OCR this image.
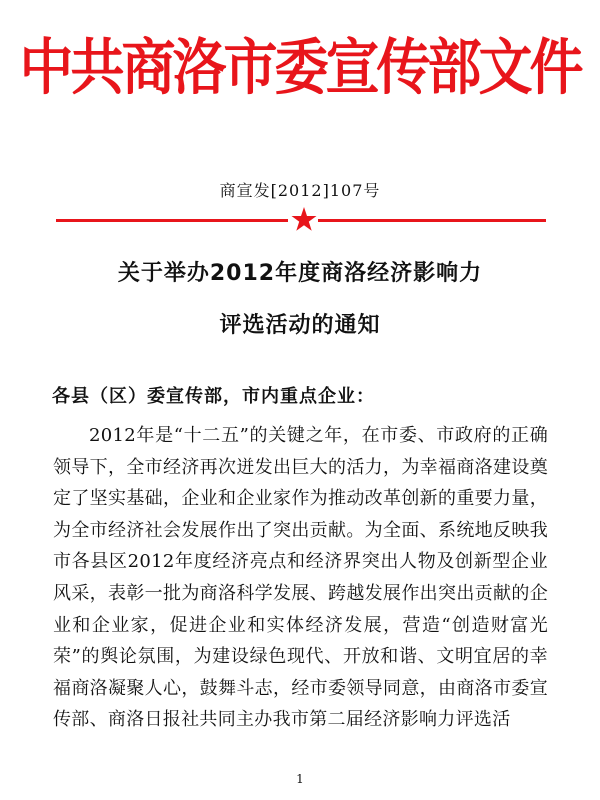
中共商洛市委宣传部文件
商宣发[2012]107号
关于举办2012年度商洛经济影响力
评选活动的通知
各县（区）委宣传部，市内重点企业：
2012年是“十二五”的关键之年，在市委、市政府的正确领导下，全市经济再次迸发出巨大的活力，为幸福商洛建设奠定了坚实基础，企业和企业家作为推动改革创新的重要力量，为全市经济社会发展作出了突出贡献。为全面、系统地反映我市各县区2012年度经济亮点和经济界突出人物及创新型企业风采，表彰一批为商洛科学发展、跨越发展作出突出贡献的企业和企业家，促进企业和实体经济发展，营造“创造财富光荣”的舆论氛围，为建设绿色现代、开放和谐、文明宜居的幸福商洛凝聚人心，鼓舞斗志，经市委领导同意，由商洛市委宣传部、商洛日报社共同主办我市第二届经济影响力评选活
1
